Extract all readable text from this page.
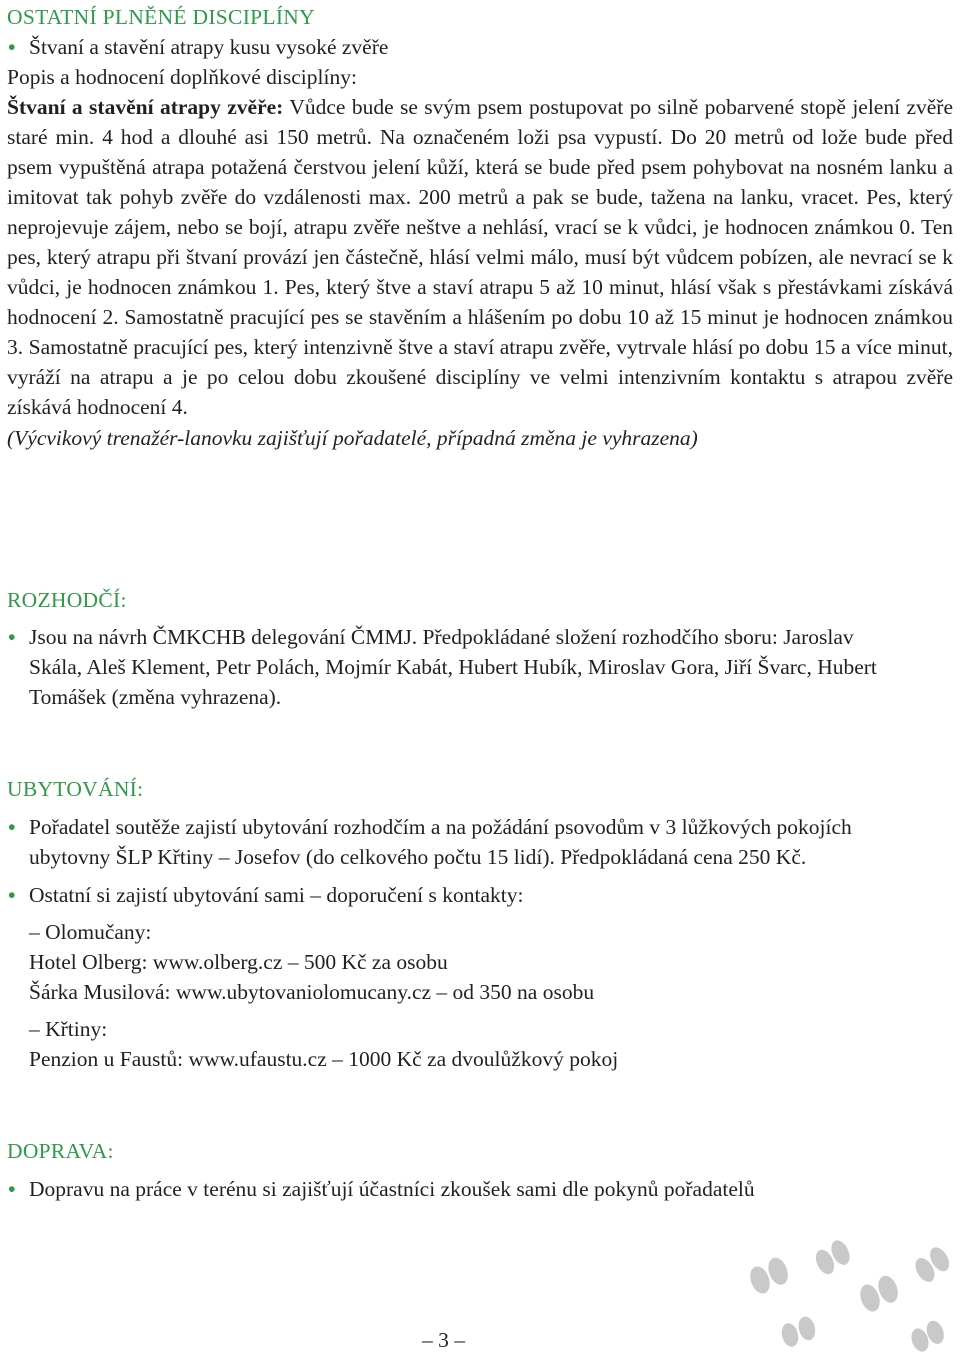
OSTATNÍ PLNĚNÉ DISCIPLÍNY
• Štvaní a stavění atrapy kusu vysoké zvěře

Popis a hodnocení doplňkové disciplíny:

Štvaní a stavění atrapy zvěře: Vůdce bude se svým psem postupovat po silně pobarvené stopě jelení zvěře staré min. 4 hod a dlouhé asi 150 metrů. Na označeném loži psa vypustí. Do 20 metrů od lože bude před psem vypuštěná atrapa potažená čerstvou jelení kůží, která se bude před psem pohybovat na nosném lanku a imitovat tak pohyb zvěře do vzdálenosti max. 200 metrů a pak se bude, tažena na lanku, vracet. Pes, který neprojevuje zájem, nebo se bojí, atrapu zvěře neštve a nehlásí, vrací se k vůdci, je hodnocen známkou 0. Ten pes, který atrapu při štvaní provází jen částečně, hlásí velmi málo, musí být vůdcem pobízen, ale nevrací se k vůdci, je hodnocen známkou 1. Pes, který štve a staví atrapu 5 až 10 minut, hlásí však s přestávkami získává hodnocení 2. Samostatně pracující pes se stavěním a hlášením po dobu 10 až 15 minut je hodnocen známkou 3. Samostatně pracující pes, který intenzivně štve a staví atrapu zvěře, vytrvale hlásí po dobu 15 a více minut, vyráží na atrapu a je po celou dobu zkoušené disciplíny ve velmi intenzivním kontaktu s atrapou zvěře získává hodnocení 4.

(Výcvikový trenažér-lanovku zajišťují pořadatelé, případná změna je vyhrazena)

ROZHODČÍ:
• Jsou na návrh ČMKCHB delegování ČMMJ. Předpokládané složení rozhodčího sboru: Jaroslav Skála, Aleš Klement, Petr Polách, Mojmír Kabát, Hubert Hubík, Miroslav Gora, Jiří Švarc, Hubert Tomášek (změna vyhrazena).
UBYTOVÁNÍ:
• Pořadatel soutěže zajistí ubytování rozhodčím a na požádání psovodům v 3 lůžkových pokojích ubytovny ŠLP Křtiny – Josefov (do celkového počtu 15 lidí). Předpokládaná cena 250 Kč.
• Ostatní si zajistí ubytování sami – doporučení s kontakty:

– Olomučany:

Hotel Olberg: www.olberg.cz – 500 Kč za osobu

Šárka Musilová: www.ubytovaniolomucany.cz – od 350 na osobu

– Křtiny:

Penzion u Faustů: www.ufaustu.cz – 1000 Kč za dvoulůžkový pokoj

DOPRAVA:
• Dopravu na práce v terénu si zajišťují účastníci zkoušek sami dle pokynů pořadatelů
– 3 –
